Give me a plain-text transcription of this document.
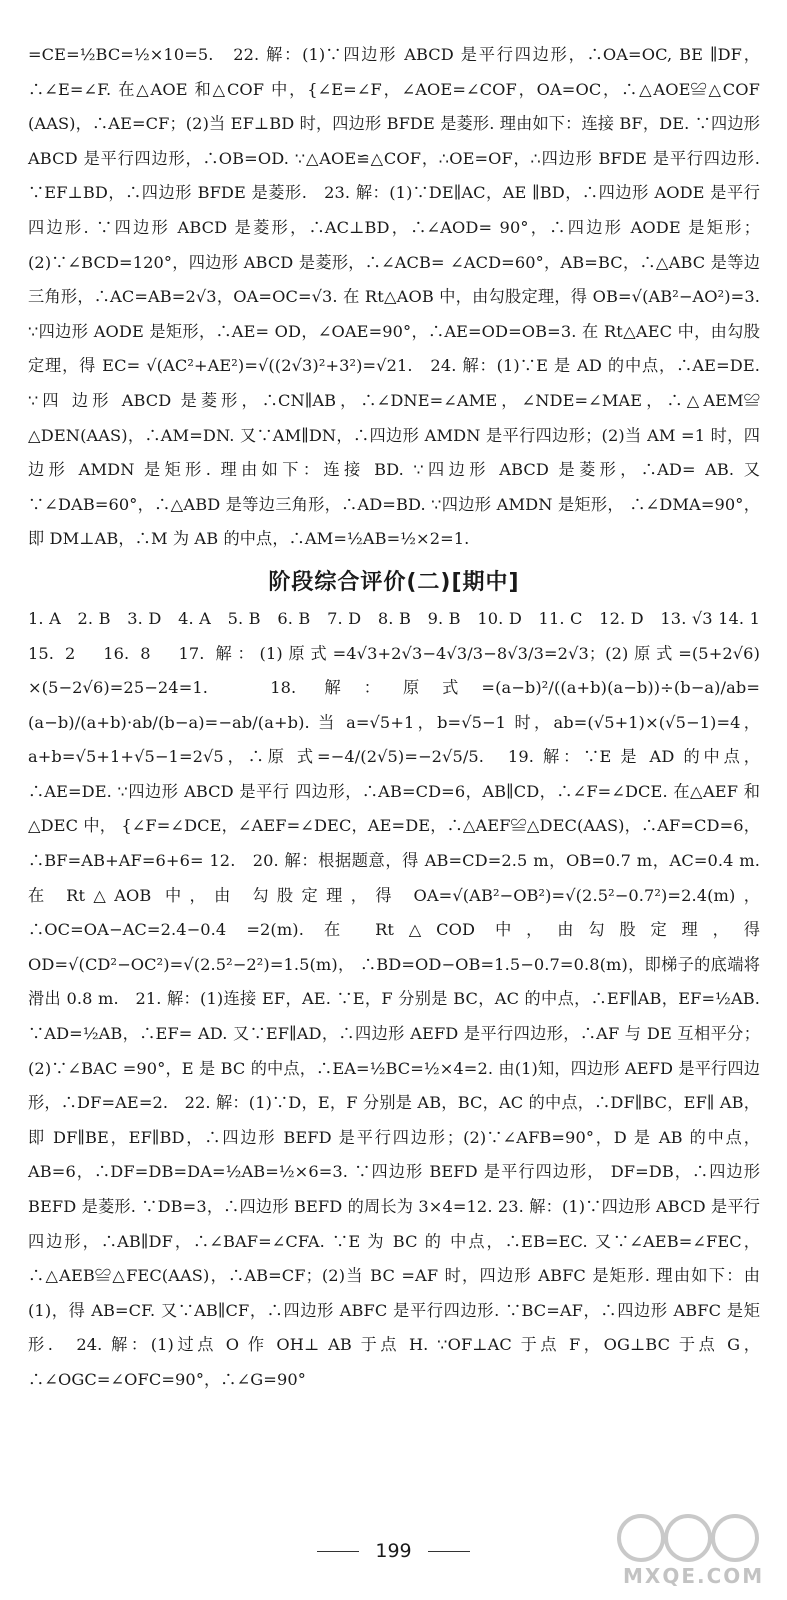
=CE=½BC=½×10=5.　22. 解：(1)∵四边形 ABCD 是平行四边形，∴OA=OC, BE ∥DF，∴∠E=∠F. 在△AOE 和△COF 中，{∠E=∠F，∠AOE=∠COF，OA=OC，∴△AOE≌△COF (AAS)，∴AE=CF；(2)当 EF⊥BD 时，四边形 BFDE 是菱形. 理由如下：连接 BF，DE. ∵四边形 ABCD 是平行四边形，∴OB=OD. ∵△AOE≌△COF，∴OE=OF，∴四边形 BFDE 是平行四边形. ∵EF⊥BD，∴四边形 BFDE 是菱形.　23. 解：(1)∵DE∥AC，AE ∥BD，∴四边形 AODE 是平行四边形. ∵四边形 ABCD 是菱形，∴AC⊥BD，∴∠AOD= 90°，∴四边形 AODE 是矩形；(2)∵∠BCD=120°，四边形 ABCD 是菱形，∴∠ACB= ∠ACD=60°，AB=BC，∴△ABC 是等边三角形，∴AC=AB=2√3，OA=OC=√3. 在 Rt△AOB 中，由勾股定理，得 OB=√(AB²−AO²)=3. ∵四边形 AODE 是矩形，∴AE= OD，∠OAE=90°，∴AE=OD=OB=3. 在 Rt△AEC 中，由勾股定理，得 EC= √(AC²+AE²)=√((2√3)²+3²)=√21.　24. 解：(1)∵E 是 AD 的中点，∴AE=DE. ∵四 边形 ABCD 是菱形，∴CN∥AB，∴∠DNE=∠AME，∠NDE=∠MAE，∴△AEM≌ △DEN(AAS)，∴AM=DN. 又∵AM∥DN，∴四边形 AMDN 是平行四边形；(2)当 AM =1 时，四边形 AMDN 是矩形. 理由如下：连接 BD. ∵四边形 ABCD 是菱形，∴AD= AB. 又∵∠DAB=60°，∴△ABD 是等边三角形，∴AD=BD. ∵四边形 AMDN 是矩形， ∴∠DMA=90°，即 DM⊥AB，∴M 为 AB 的中点，∴AM=½AB=½×2=1.

阶段综合评价(二)[期中]

1. A　2. B　3. D　4. A　5. B　6. B　7. D　8. B　9. B　10. D　11. C　12. D　13. √3 14. 1　15. 2　16. 8　17. 解：(1)原式=4√3+2√3−4√3/3−8√3/3=2√3；(2)原式=(5+2√6) ×(5−2√6)=25−24=1.　18. 解：原式=(a−b)²/((a+b)(a−b))÷(b−a)/ab=(a−b)/(a+b)·ab/(b−a)=−ab/(a+b). 当 a=√5+1，b=√5−1 时，ab=(√5+1)×(√5−1)=4，a+b=√5+1+√5−1=2√5，∴原 式=−4/(2√5)=−2√5/5.　19. 解：∵E 是 AD 的中点，∴AE=DE. ∵四边形 ABCD 是平行 四边形，∴AB=CD=6，AB∥CD，∴∠F=∠DCE. 在△AEF 和△DEC 中， {∠F=∠DCE，∠AEF=∠DEC，AE=DE，∴△AEF≌△DEC(AAS)，∴AF=CD=6，∴BF=AB+AF=6+6= 12.　20. 解：根据题意，得 AB=CD=2.5 m，OB=0.7 m，AC=0.4 m. 在 Rt△AOB 中，由 勾股定理，得 OA=√(AB²−OB²)=√(2.5²−0.7²)=2.4(m)，∴OC=OA−AC=2.4−0.4 =2(m). 在 Rt△COD 中，由勾股定理，得 OD=√(CD²−OC²)=√(2.5²−2²)=1.5(m)， ∴BD=OD−OB=1.5−0.7=0.8(m)，即梯子的底端将滑出 0.8 m.　21. 解：(1)连接 EF，AE. ∵E，F 分别是 BC，AC 的中点，∴EF∥AB，EF=½AB. ∵AD=½AB，∴EF= AD. 又∵EF∥AD，∴四边形 AEFD 是平行四边形，∴AF 与 DE 互相平分；(2)∵∠BAC =90°，E 是 BC 的中点，∴EA=½BC=½×4=2. 由(1)知，四边形 AEFD 是平行四边 形，∴DF=AE=2.　22. 解：(1)∵D，E，F 分别是 AB，BC，AC 的中点，∴DF∥BC，EF∥ AB，即 DF∥BE，EF∥BD，∴四边形 BEFD 是平行四边形；(2)∵∠AFB=90°，D 是 AB 的中点，AB=6，∴DF=DB=DA=½AB=½×6=3. ∵四边形 BEFD 是平行四边形， DF=DB，∴四边形 BEFD 是菱形. ∵DB=3，∴四边形 BEFD 的周长为 3×4=12. 23. 解：(1)∵四边形 ABCD 是平行四边形，∴AB∥DF，∴∠BAF=∠CFA. ∵E 为 BC 的 中点，∴EB=EC. 又∵∠AEB=∠FEC，∴△AEB≌△FEC(AAS)，∴AB=CF；(2)当 BC =AF 时，四边形 ABFC 是矩形. 理由如下：由(1)，得 AB=CF. 又∵AB∥CF，∴四边形 ABFC 是平行四边形. ∵BC=AF，∴四边形 ABFC 是矩形.　24. 解：(1)过点 O 作 OH⊥ AB 于点 H. ∵OF⊥AC 于点 F，OG⊥BC 于点 G，∴∠OGC=∠OFC=90°，∴∠G=90°

199
MXQE.COM
